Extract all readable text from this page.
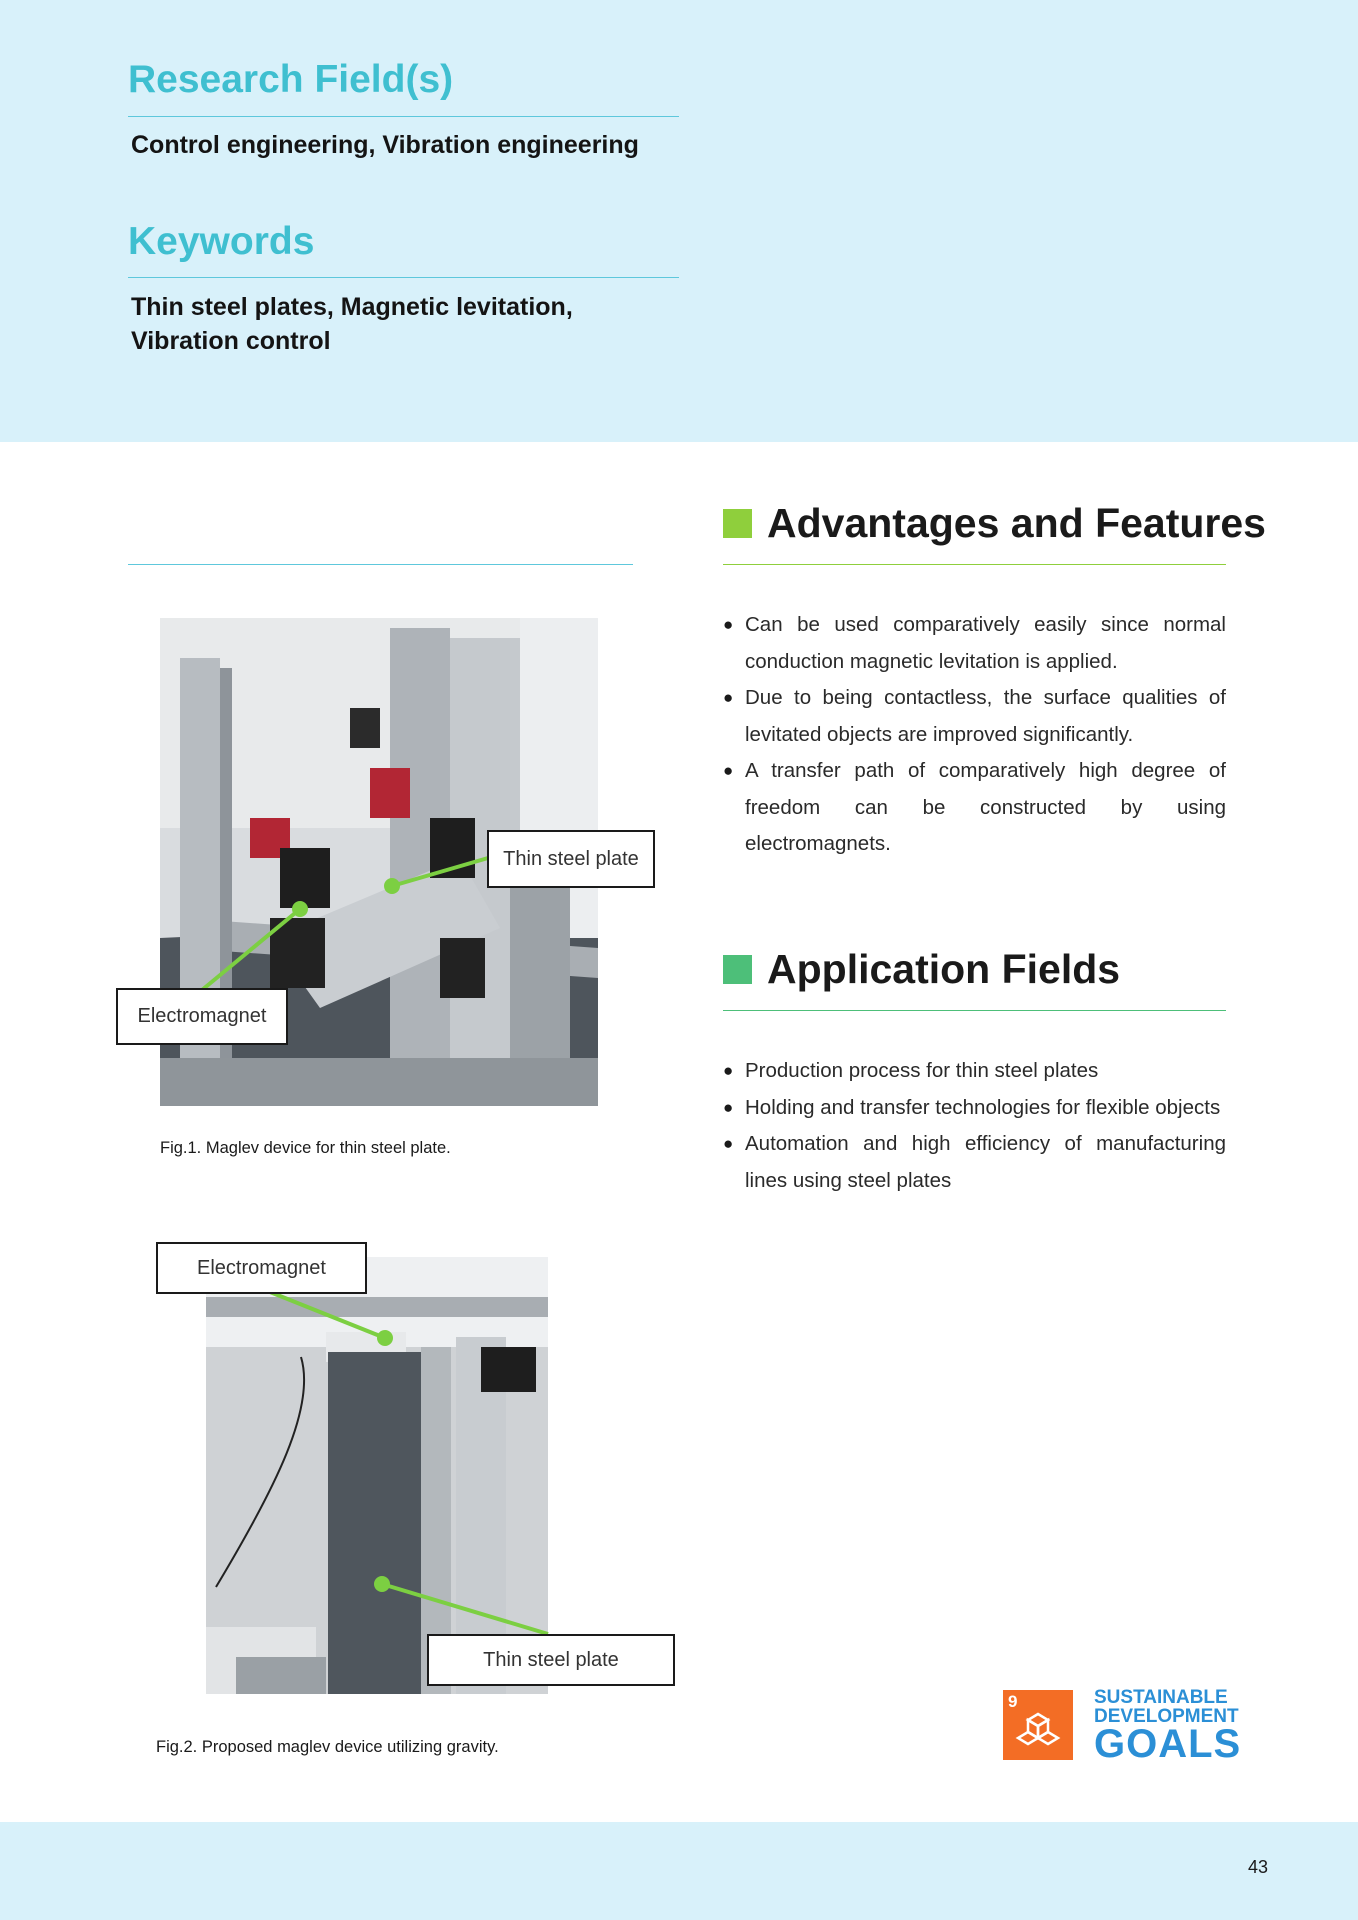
Research Field(s)

Control engineering, Vibration engineering

Keywords

Thin steel plates, Magnetic levitation,
Vibration control

Advantages and Features
● Can be used comparatively easily since normal conduction magnetic levitation is applied.
● Due to being contactless, the surface qualities of levitated objects are improved significantly.
● A transfer path of comparatively high degree of freedom can be constructed by using electromagnets.
Application Fields
● Production process for thin steel plates
● Holding and transfer technologies for flexible objects
● Automation and high efficiency of manufacturing lines using steel plates
Thin steel plate
Electromagnet

Fig.1. Maglev device for thin steel plate.

Electromagnet
Thin steel plate

Fig.2. Proposed maglev device utilizing gravity.

9	SUSTAINABLE
DEVELOPMENT
GOALS

43
